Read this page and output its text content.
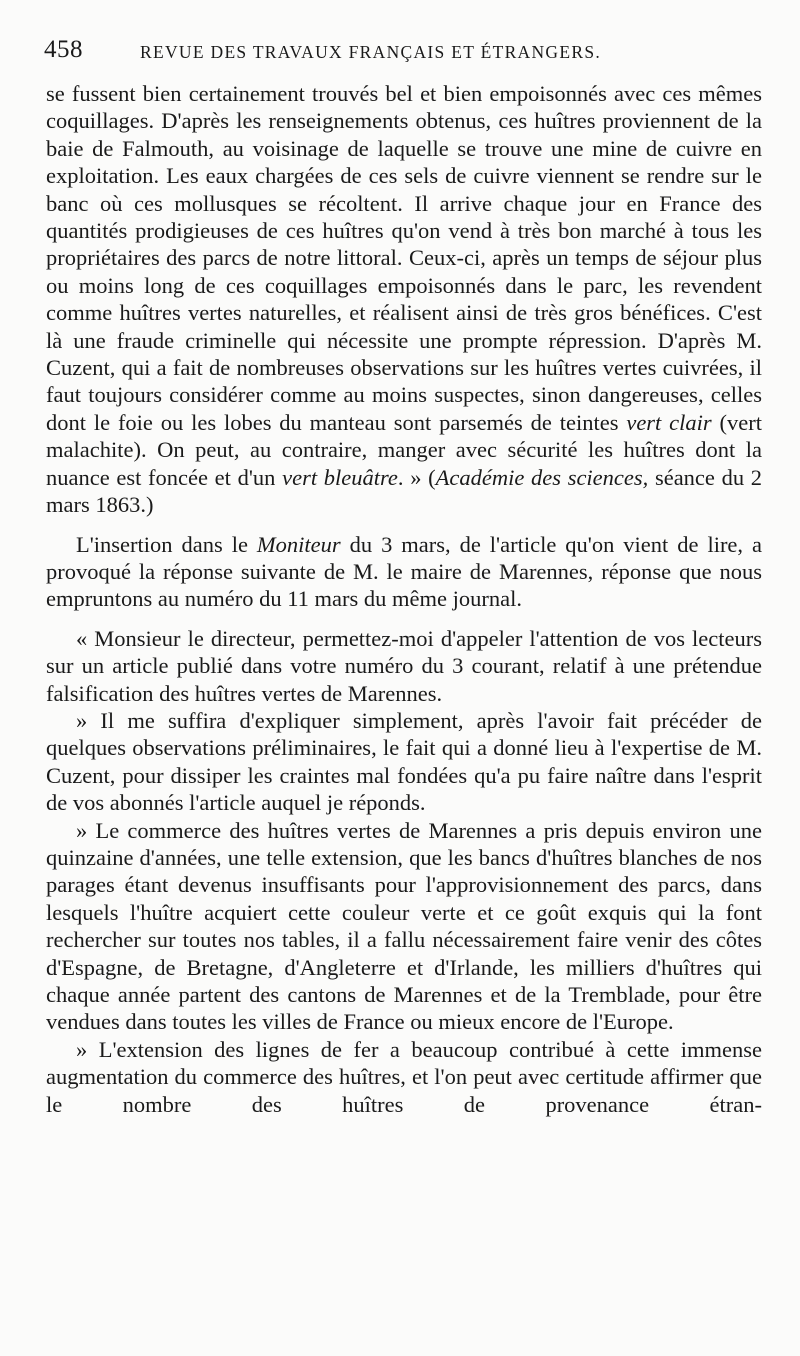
458	REVUE DES TRAVAUX FRANÇAIS ET ÉTRANGERS.

se fussent bien certainement trouvés bel et bien empoisonnés avec ces mêmes coquillages. D'après les renseignements obtenus, ces huîtres proviennent de la baie de Falmouth, au voisinage de laquelle se trouve une mine de cuivre en exploitation. Les eaux chargées de ces sels de cuivre viennent se rendre sur le banc où ces mollusques se récoltent. Il arrive chaque jour en France des quantités prodigieuses de ces huîtres qu'on vend à très bon marché à tous les propriétaires des parcs de notre littoral. Ceux-ci, après un temps de séjour plus ou moins long de ces coquillages empoisonnés dans le parc, les revendent comme huîtres vertes naturelles, et réalisent ainsi de très gros bénéfices. C'est là une fraude criminelle qui nécessite une prompte répression. D'après M. Cuzent, qui a fait de nombreuses observations sur les huîtres vertes cuivrées, il faut toujours considérer comme au moins suspectes, sinon dangereuses, celles dont le foie ou les lobes du manteau sont parsemés de teintes vert clair (vert malachite). On peut, au contraire, manger avec sécurité les huîtres dont la nuance est foncée et d'un vert bleuâtre. » (Académie des sciences, séance du 2 mars 1863.)

L'insertion dans le Moniteur du 3 mars, de l'article qu'on vient de lire, a provoqué la réponse suivante de M. le maire de Marennes, réponse que nous empruntons au numéro du 11 mars du même journal.

« Monsieur le directeur, permettez-moi d'appeler l'attention de vos lecteurs sur un article publié dans votre numéro du 3 courant, relatif à une prétendue falsification des huîtres vertes de Marennes.

» Il me suffira d'expliquer simplement, après l'avoir fait précéder de quelques observations préliminaires, le fait qui a donné lieu à l'expertise de M. Cuzent, pour dissiper les craintes mal fondées qu'a pu faire naître dans l'esprit de vos abonnés l'article auquel je réponds.

» Le commerce des huîtres vertes de Marennes a pris depuis environ une quinzaine d'années, une telle extension, que les bancs d'huîtres blanches de nos parages étant devenus insuffisants pour l'approvisionnement des parcs, dans lesquels l'huître acquiert cette couleur verte et ce goût exquis qui la font rechercher sur toutes nos tables, il a fallu nécessairement faire venir des côtes d'Espagne, de Bretagne, d'Angleterre et d'Irlande, les milliers d'huîtres qui chaque année partent des cantons de Marennes et de la Tremblade, pour être vendues dans toutes les villes de France ou mieux encore de l'Europe.

» L'extension des lignes de fer a beaucoup contribué à cette immense augmentation du commerce des huîtres, et l'on peut avec certitude affirmer que le nombre des huîtres de provenance étran-
